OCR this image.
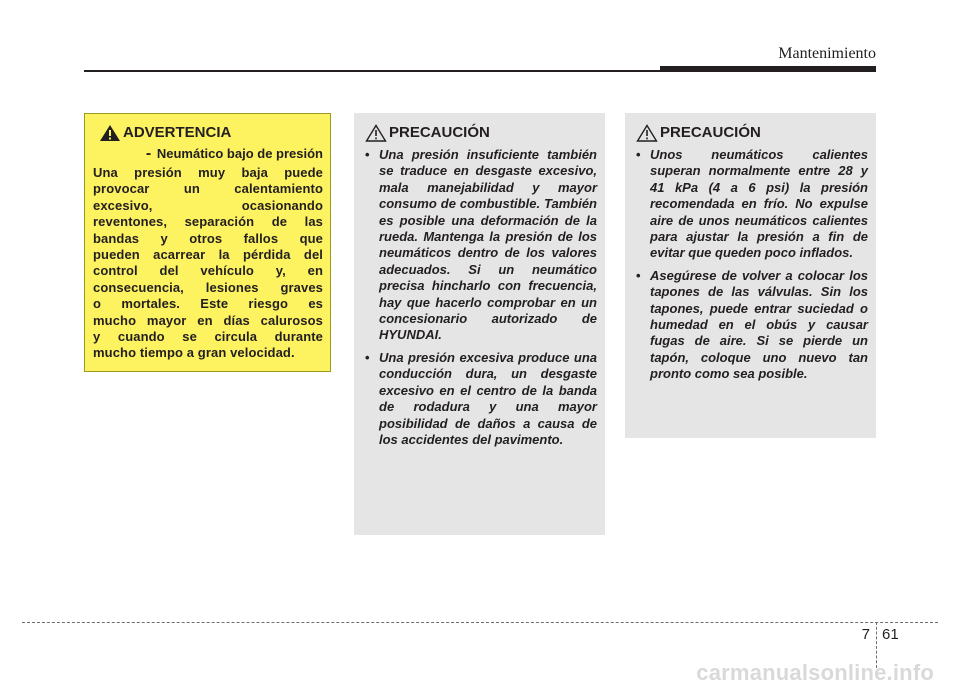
Mantenimiento
ADVERTENCIA
- Neumático bajo de presión
Una presión muy baja puede
provocar un calentamiento
excesivo, ocasionando
reventones, separación de las
bandas y otros fallos que
pueden acarrear la pérdida del
control del vehículo y, en
consecuencia, lesiones graves
o mortales. Este riesgo es
mucho mayor en días calurosos
y cuando se circula durante
mucho tiempo a gran velocidad.
PRECAUCIÓN
• Una presión insuficiente también se traduce en desgaste excesivo, mala manejabilidad y mayor consumo de combustible. También es posible una deformación de la rueda. Mantenga la presión de los neumáticos dentro de los valores adecuados. Si un neumático precisa hincharlo con frecuencia, hay que hacerlo comprobar en un concesionario autorizado de HYUNDAI.
• Una presión excesiva produce una conducción dura, un desgaste excesivo en el centro de la banda de rodadura y una mayor posibilidad de daños a causa de los accidentes del pavimento.
PRECAUCIÓN
• Unos neumáticos calientes superan normalmente entre 28 y 41 kPa (4 a 6 psi) la presión recomendada en frío. No expulse aire de unos neumáticos calientes para ajustar la presión a fin de evitar que queden poco inflados.
• Asegúrese de volver a colocar los tapones de las válvulas. Sin los tapones, puede entrar suciedad o humedad en el obús y causar fugas de aire. Si se pierde un tapón, coloque uno nuevo tan pronto como sea posible.
7 61
carmanualsonline.info
